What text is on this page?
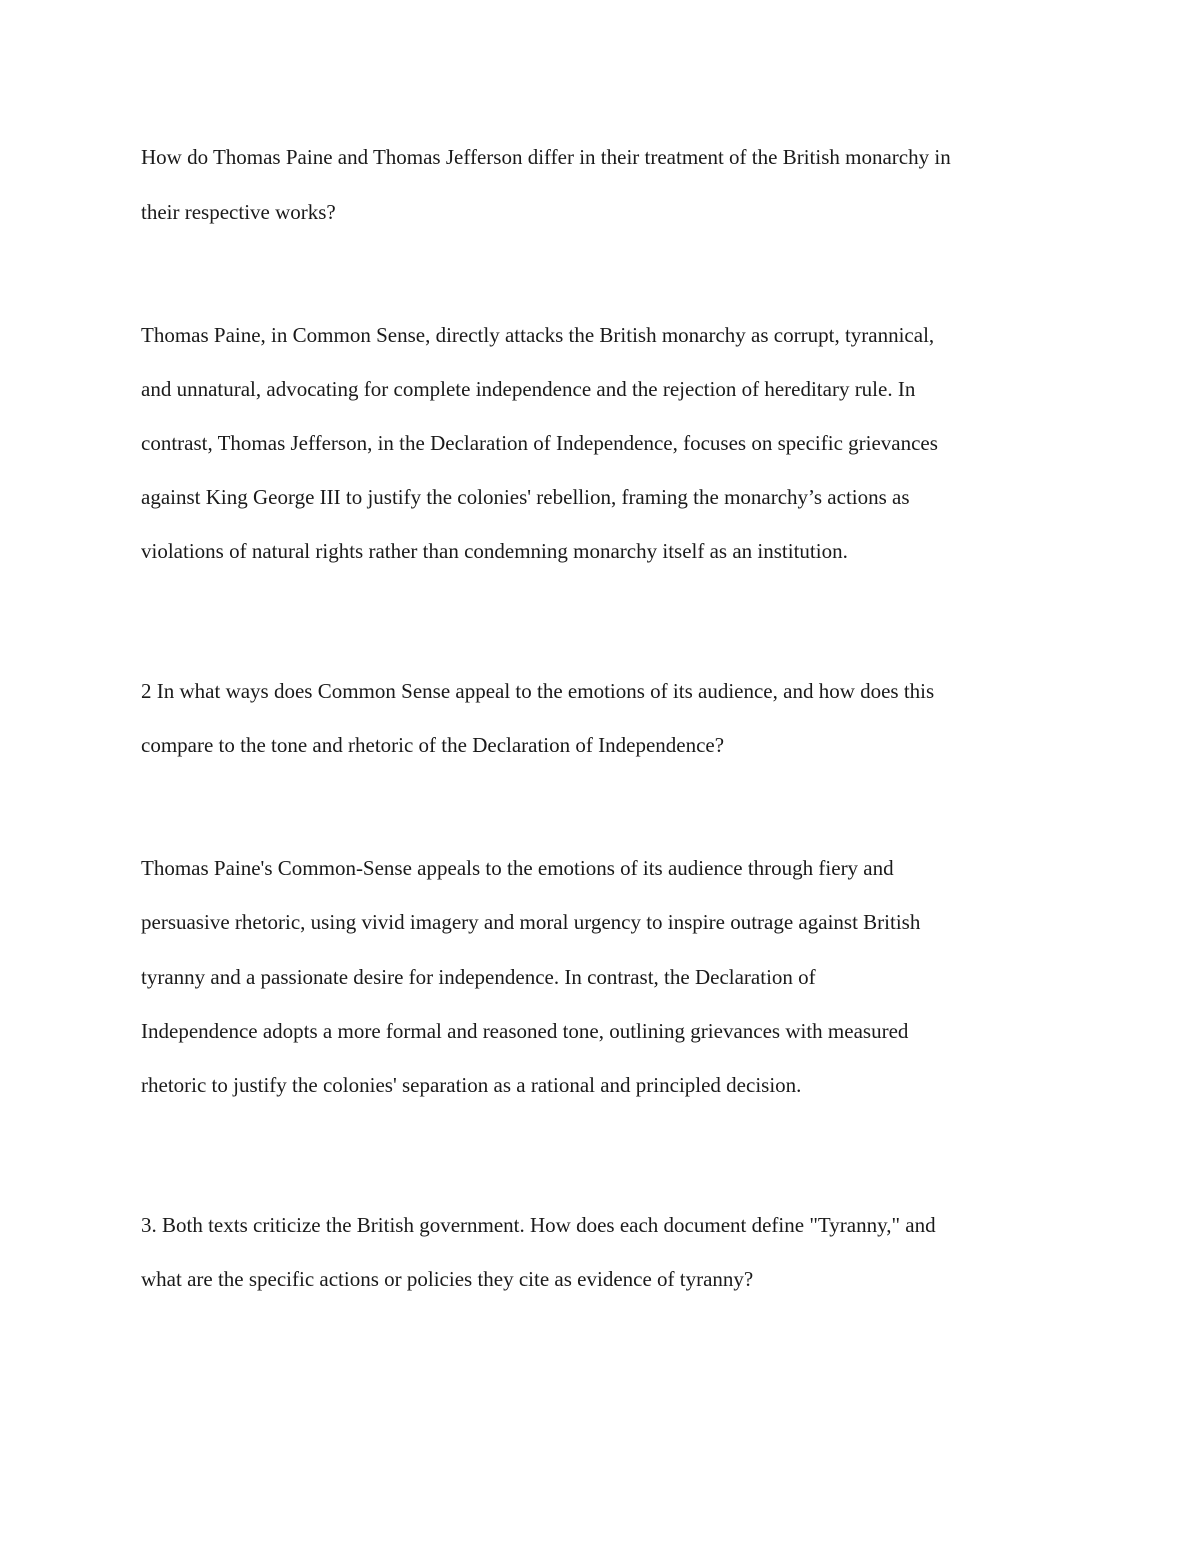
How do Thomas Paine and Thomas Jefferson differ in their treatment of the British monarchy in

their respective works?

Thomas Paine, in Common Sense, directly attacks the British monarchy as corrupt, tyrannical,

and unnatural, advocating for complete independence and the rejection of hereditary rule. In

contrast, Thomas Jefferson, in the Declaration of Independence, focuses on specific grievances

against King George III to justify the colonies' rebellion, framing the monarchy’s actions as

violations of natural rights rather than condemning monarchy itself as an institution.

2 In what ways does Common Sense appeal to the emotions of its audience, and how does this

compare to the tone and rhetoric of the Declaration of Independence?

Thomas Paine's Common-Sense appeals to the emotions of its audience through fiery and

persuasive rhetoric, using vivid imagery and moral urgency to inspire outrage against British

tyranny and a passionate desire for independence. In contrast, the Declaration of

Independence adopts a more formal and reasoned tone, outlining grievances with measured

rhetoric to justify the colonies' separation as a rational and principled decision.

3. Both texts criticize the British government. How does each document define "Tyranny," and

what are the specific actions or policies they cite as evidence of tyranny?
